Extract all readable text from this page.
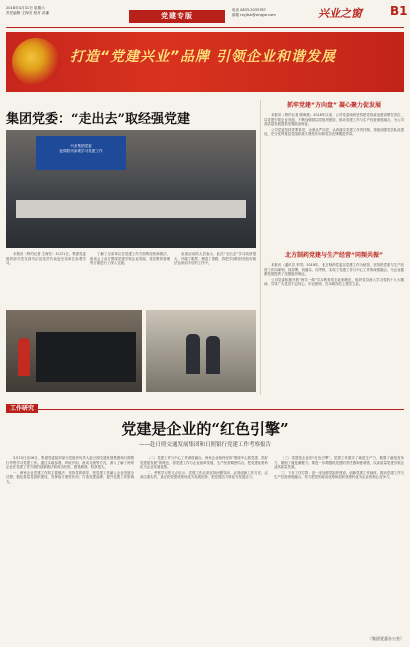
2018年3月31日 星期六
责任编辑 王海芳 校对 洪谦	党建专版
电话 0833-2033787
邮箱 rxyjtsh@xingye.com	兴业之窗 B1
打造“党建兴业”品牌 引领企业和谐发展
集团党委：“走出去”取经强党建
兴业集团党委
赴绵阳市参观学习党建工作

本报讯（特约记者 王海芳）3月21日，集团党委组织部分党支部书记及党员代表赴兄弟单位参观学习。

了解了兄弟单位在党建工作方面的经验和做法，座谈会上双方围绕党建引领企业发展、党员教育管理等方面进行了深入交流。

参加活动的人员表示，此次“走出去”学习收获很大，开阔了眼界，理清了思路，将把学到的好经验好做法运用到今后的工作中。

抓牢党建“方向盘” 凝心聚力促发展

本报讯（特约记者 陈海燕）2018年以来，公司党委始终坚持把党的政治建设摆在首位，以党建引领企业发展，不断加强基层党组织建设，推动党建工作与生产经营深度融合，为公司高质量发展提供坚强政治保证。

公司党委坚持党要管党、全面从严治党，认真落实党建工作责任制，持续加强党员队伍建设，充分发挥基层党组织战斗堡垒作用和党员先锋模范作用。

北方制药党建与生产经营“同频共振”

本报讯（通讯员 李雪）2018年，北方制药党委以党建工作为统领，坚持把党建与生产经营工作同谋划、同部署、同落实、同考核，实现了党建工作与中心工作的深度融合，为企业健康发展提供了坚强组织保证。

公司党委积极开展“两学一做”学习教育常态化制度化，组织党员深入学习党的十九大精神，引导广大党员不忘初心、牢记使命，在本职岗位上建功立业。

工作研究
党建是企业的“红色引擎”
——赴日照交通发展集团和日照银行党建工作考察报告

3月15日至16日，集团党委组织部分党组织负责人赴日照交通发展集团和日照银行考察学习党建工作。通过实地参观、听取介绍、座谈交流等方式，深入了解了两家企业在党建工作方面的创新做法和成功经验，感受颇深，收获很大。

一、两家企业党建工作的主要做法：坚持党的领导，把党建工作融入企业发展全过程；强化基层党组织建设，发挥战斗堡垒作用；打造党建品牌，提升党建工作影响力。

（二）党建工作与中心工作深度融合。两家企业始终坚持“围绕中心抓党建、抓好党建促发展”的理念，将党建工作与企业改革发展、生产经营紧密结合，把党建优势转化为企业发展优势。

二、考察学习的几点启示：党建工作必须坚持问题导向，必须创新工作方法，必须注重实效，真正把党建优势转化为发展优势、把党建活力转化为发展活力。

（三）党建是企业的“红色引擎”。党建工作做实了就是生产力，做强了就是竞争力，做细了就是凝聚力。要进一步增强抓党建的责任感和使命感，以高质量党建引领企业高质量发展。

三、下步工作打算：进一步加强党组织建设，创新党建工作载体，推动党建工作与生产经营深度融合，努力把党的政治优势和组织优势转化为企业的核心竞争力。

（集团党委办公室）
